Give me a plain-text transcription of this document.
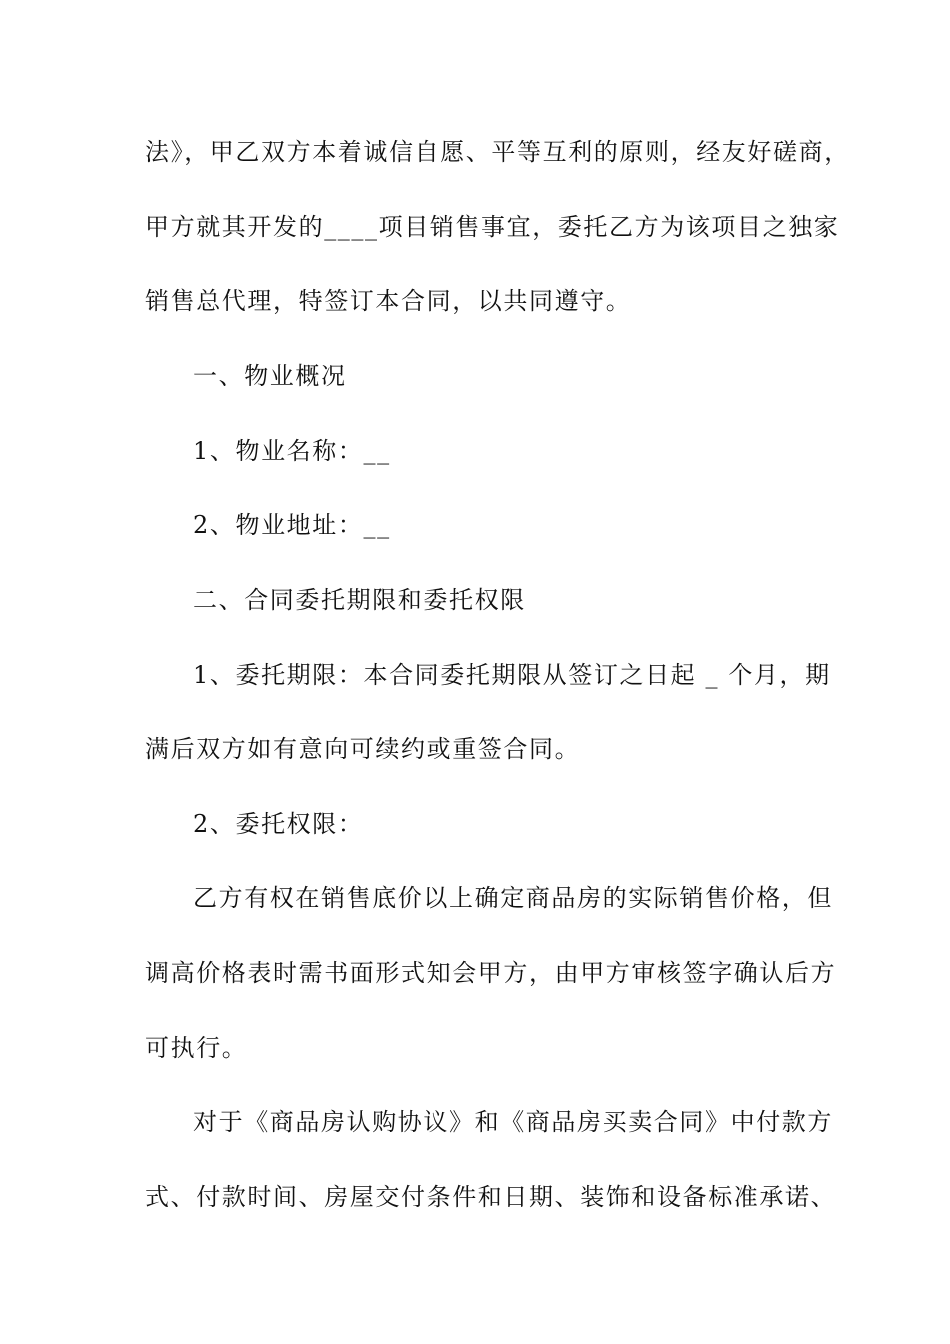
法》，甲乙双方本着诚信自愿、平等互利的原则，经友好磋商，
甲方就其开发的____项目销售事宜，委托乙方为该项目之独家
销售总代理，特签订本合同，以共同遵守。
一、物业概况
1、物业名称：__
2、物业地址：__
二、合同委托期限和委托权限
1、委托期限：本合同委托期限从签订之日起 _ 个月，期
满后双方如有意向可续约或重签合同。
2、委托权限：
乙方有权在销售底价以上确定商品房的实际销售价格，但
调高价格表时需书面形式知会甲方，由甲方审核签字确认后方
可执行。
对于《商品房认购协议》和《商品房买卖合同》中付款方
式、付款时间、房屋交付条件和日期、装饰和设备标准承诺、
